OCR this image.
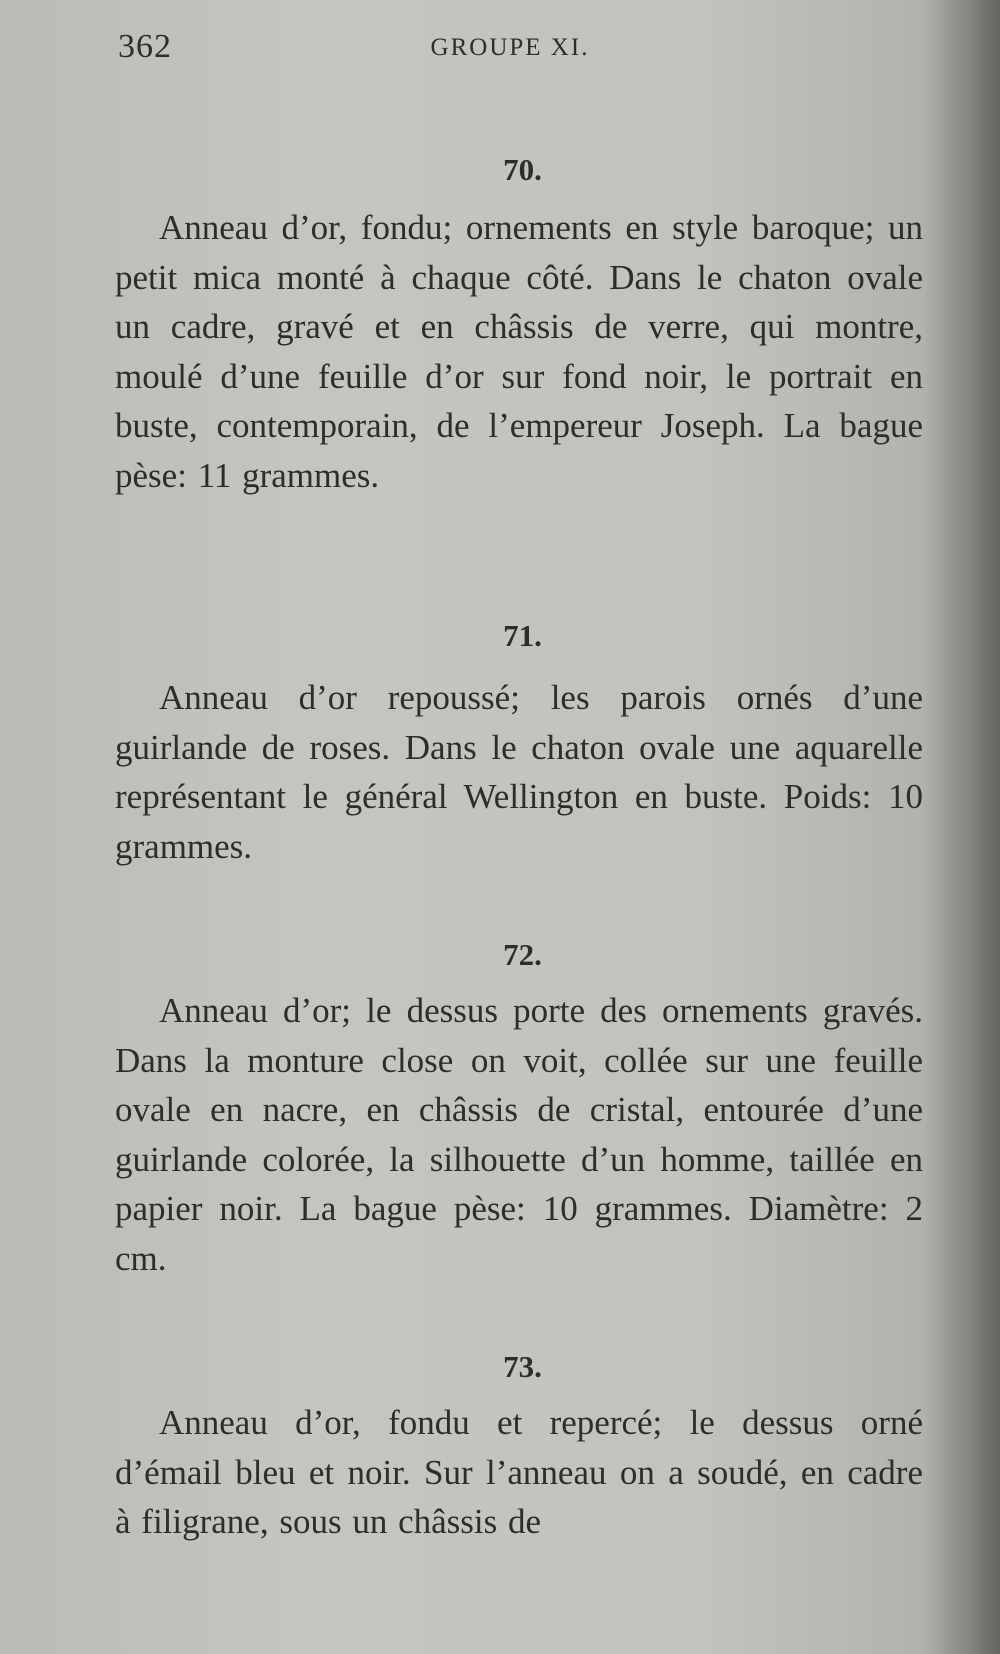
362	GROUPE XI.
70.

Anneau d’or, fondu; ornements en style baroque; un petit mica monté à chaque côté. Dans le chaton ovale un cadre, gravé et en châssis de verre, qui montre, moulé d’une feuille d’or sur fond noir, le portrait en buste, contemporain, de l’empereur Joseph. La bague pèse: 11 grammes.

71.

Anneau d’or repoussé; les parois ornés d’une guirlande de roses. Dans le chaton ovale une aquarelle représentant le général Wellington en buste. Poids: 10 grammes.

72.

Anneau d’or; le dessus porte des ornements gravés. Dans la monture close on voit, collée sur une feuille ovale en nacre, en châssis de cristal, entourée d’une guirlande colorée, la silhouette d’un homme, taillée en papier noir. La bague pèse: 10 grammes. Diamètre: 2 cm.

73.

Anneau d’or, fondu et repercé; le dessus orné d’émail bleu et noir. Sur l’anneau on a soudé, en cadre à filigrane, sous un châssis de
